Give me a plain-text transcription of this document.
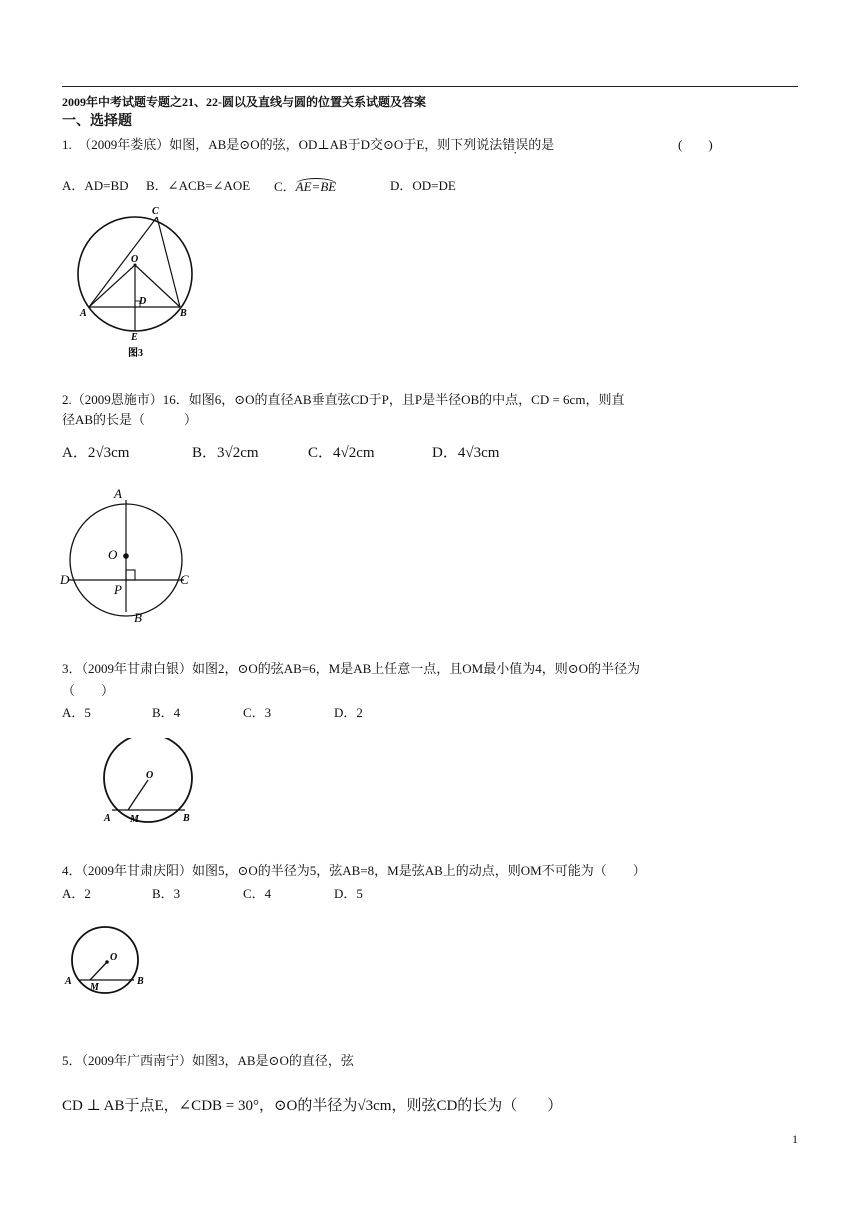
2009年中考试题专题之21、22-圆以及直线与圆的位置关系试题及答案
一、选择题
1.　（2009年娄底）如图，AB是⊙O的弦，OD⊥AB于D交⊙O于E，则下列说法错误的是	(　　)
A．AD=BD B．∠ACB=∠AOE C．AE=BE	D．OD=DE
C
O
D
A	B
E
图3
2.（2009恩施市）16．如图6，⊙O的直径AB垂直弦CD于P，且P是半径OB的中点，CD = 6cm，则直
径AB的长是（　　　）
A．2√3cm	B．3√2cm	C．4√2cm	D．4√3cm
A
O
D	C
P
B
3．（2009年甘肃白银）如图2，⊙O的弦AB=6，M是AB上任意一点，且OM最小值为4，则⊙O的半径为
（　　）
A．5	B．4	C．3	D．2
O
A M	B
4．（2009年甘肃庆阳）如图5，⊙O的半径为5，弦AB=8，M是弦AB上的动点，则OM不可能为（　　）
A．2	B．3	C．4	D．5
O
A
M
B
5．（2009年广西南宁）如图3，AB是⊙O的直径，弦
CD ⊥ AB于点E，∠CDB = 30°，⊙O的半径为√3cm，则弦CD的长为（　　）
1
